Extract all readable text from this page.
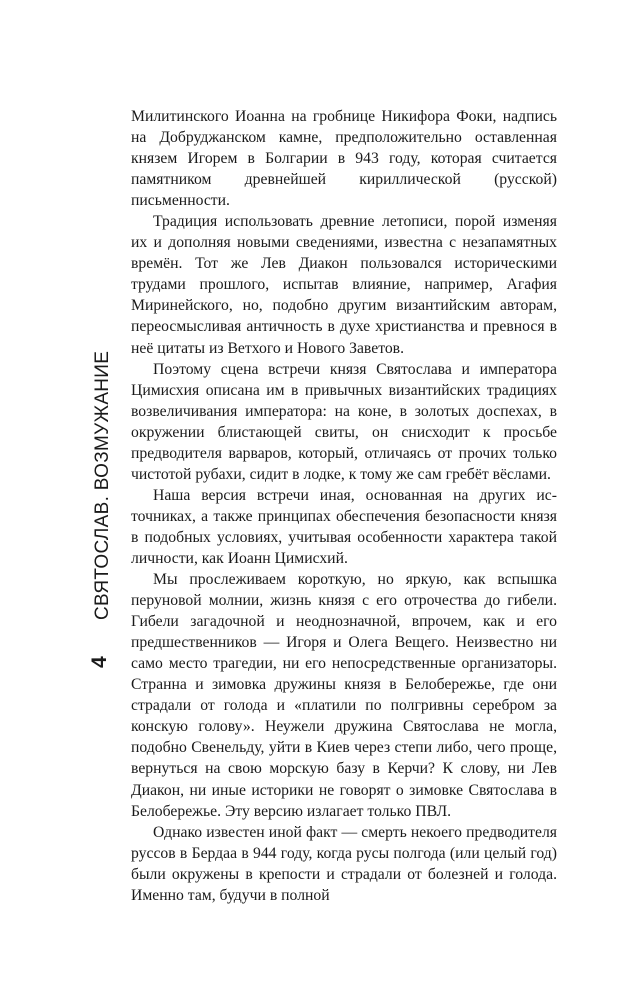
СВЯТОСЛАВ. ВОЗМУЖАНИЕ
4

Милитинского Иоанна на гробнице Никифора Фоки, надпись на Добруджанском камне, предположительно оставленная князем Игорем в Болгарии в 943 году, которая считается памятником древнейшей кириллической (русской) письменности.

Традиция использовать древние летописи, порой изменяя их и дополняя новыми сведениями, известна с незапамятных времён. Тот же Лев Диакон пользовался историческими трудами прошлого, испытав влияние, например, Агафия Миринейского, но, подобно другим византийским авторам, переосмысливая античность в духе христианства и превнося в неё цитаты из Ветхого и Нового Заветов.

Поэтому сцена встречи князя Святослава и императора Цимисхия описана им в привычных византийских традициях возвеличивания императора: на коне, в золотых доспехах, в окружении блистающей свиты, он снисходит к просьбе предводителя варваров, который, отличаясь от прочих только чистотой рубахи, сидит в лодке, к тому же сам гребёт вёслами.

Наша версия встречи иная, основанная на других источниках, а также принципах обеспечения безопасности князя в подобных условиях, учитывая особенности характера такой личности, как Иоанн Цимисхий.

Мы прослеживаем короткую, но яркую, как вспышка перуновой молнии, жизнь князя с его отрочества до гибели. Гибели загадочной и неоднозначной, впрочем, как и его предшественников — Игоря и Олега Вещего. Неизвестно ни само место трагедии, ни его непосредственные организаторы. Странна и зимовка дружины князя в Белобережье, где они страдали от голода и «платили по полгривны серебром за конскую голову». Неужели дружина Святослава не могла, подобно Свенельду, уйти в Киев через степи либо, чего проще, вернуться на свою морскую базу в Керчи? К слову, ни Лев Диакон, ни иные историки не говорят о зимовке Святослава в Белобережье. Эту версию излагает только ПВЛ.

Однако известен иной факт — смерть некоего предводителя руссов в Бердаа в 944 году, когда русы полгода (или целый год) были окружены в крепости и страдали от болезней и голода. Именно там, будучи в полной
